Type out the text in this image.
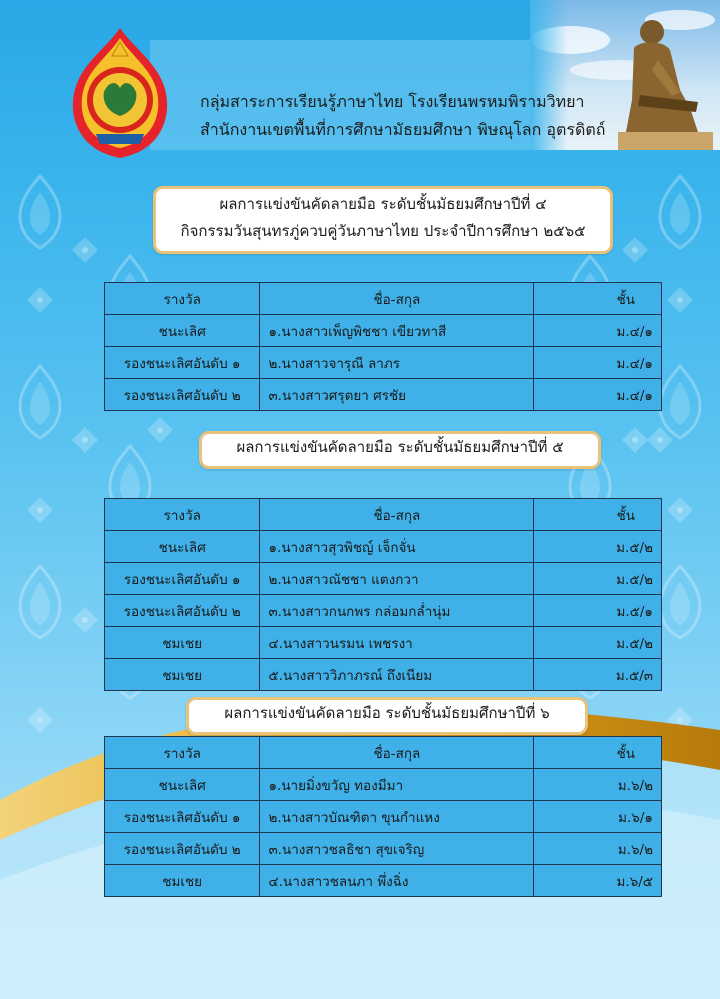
กลุ่มสาระการเรียนรู้ภาษาไทย โรงเรียนพรหมพิรามวิทยา
สำนักงานเขตพื้นที่การศึกษามัธยมศึกษา พิษณุโลก อุตรดิตถ์
ผลการแข่งขันคัดลายมือ ระดับชั้นมัธยมศึกษาปีที่ ๔
กิจกรรมวันสุนทรภู่ควบคู่วันภาษาไทย ประจำปีการศึกษา ๒๕๖๕
รางวัล	ชื่อ-สกุล	ชั้น
ชนะเลิศ	๑.นางสาวเพ็ญพิชชา เขียวทาสี	ม.๔/๑
รองชนะเลิศอันดับ ๑	๒.นางสาวจารุณี ลาภร	ม.๔/๑
รองชนะเลิศอันดับ ๒	๓.นางสาวศรุตยา ศรชัย	ม.๔/๑
ผลการแข่งขันคัดลายมือ ระดับชั้นมัธยมศึกษาปีที่ ๕
รางวัล	ชื่อ-สกุล	ชั้น
ชนะเลิศ	๑.นางสาวสุวพิชญ์ เจ็กจั่น	ม.๕/๒
รองชนะเลิศอันดับ ๑	๒.นางสาวณัชชา แตงกวา	ม.๕/๒
รองชนะเลิศอันดับ ๒	๓.นางสาวกนกพร กล่อมกล่ำนุ่ม	ม.๕/๑
ชมเชย	๔.นางสาวนรมน เพชรงา	ม.๕/๒
ชมเชย	๕.นางสาววิภาภรณ์ ถึงเนียม	ม.๕/๓
ผลการแข่งขันคัดลายมือ ระดับชั้นมัธยมศึกษาปีที่ ๖
รางวัล	ชื่อ-สกุล	ชั้น
ชนะเลิศ	๑.นายมิ่งขวัญ ทองมีมา	ม.๖/๒
รองชนะเลิศอันดับ ๑	๒.นางสาวบัณฑิตา ขุนกำแหง	ม.๖/๑
รองชนะเลิศอันดับ ๒	๓.นางสาวชลธิชา สุขเจริญ	ม.๖/๒
ชมเชย	๔.นางสาวชลนภา พึ่งฉิ่ง	ม.๖/๕
